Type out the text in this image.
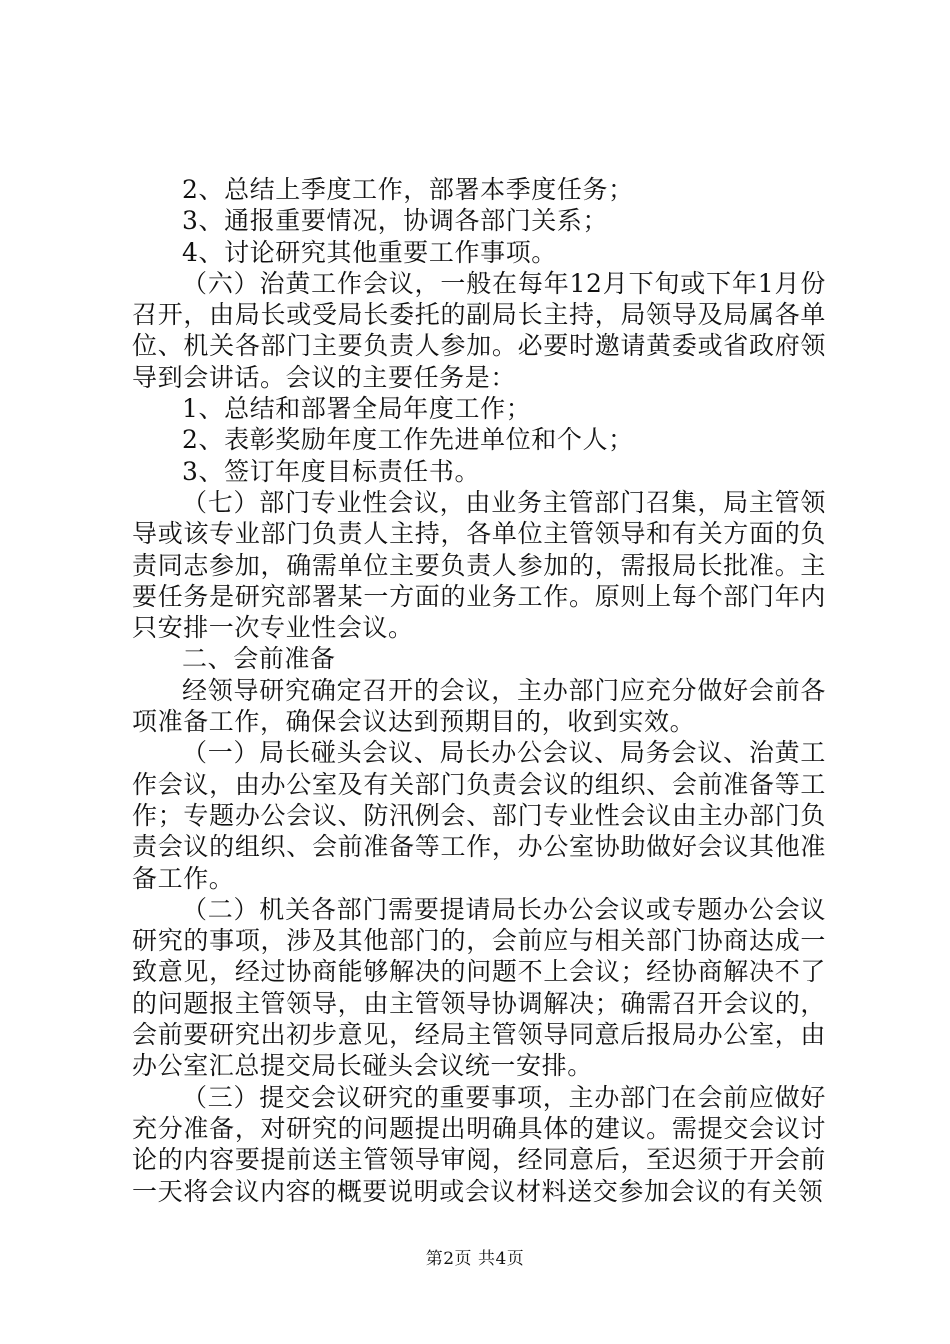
2、总结上季度工作，部署本季度任务；

3、通报重要情况，协调各部门关系；

4、讨论研究其他重要工作事项。

（六）治黄工作会议，一般在每年12月下旬或下年1月份召开，由局长或受局长委托的副局长主持，局领导及局属各单位、机关各部门主要负责人参加。必要时邀请黄委或省政府领导到会讲话。会议的主要任务是：

1、总结和部署全局年度工作；

2、表彰奖励年度工作先进单位和个人；

3、签订年度目标责任书。

（七）部门专业性会议，由业务主管部门召集，局主管领导或该专业部门负责人主持，各单位主管领导和有关方面的负责同志参加，确需单位主要负责人参加的，需报局长批准。主要任务是研究部署某一方面的业务工作。原则上每个部门年内只安排一次专业性会议。

二、会前准备

经领导研究确定召开的会议，主办部门应充分做好会前各项准备工作，确保会议达到预期目的，收到实效。

（一）局长碰头会议、局长办公会议、局务会议、治黄工作会议，由办公室及有关部门负责会议的组织、会前准备等工作；专题办公会议、防汛例会、部门专业性会议由主办部门负责会议的组织、会前准备等工作，办公室协助做好会议其他准备工作。

（二）机关各部门需要提请局长办公会议或专题办公会议研究的事项，涉及其他部门的，会前应与相关部门协商达成一致意见，经过协商能够解决的问题不上会议；经协商解决不了的问题报主管领导，由主管领导协调解决；确需召开会议的，会前要研究出初步意见，经局主管领导同意后报局办公室，由办公室汇总提交局长碰头会议统一安排。

（三）提交会议研究的重要事项，主办部门在会前应做好充分准备，对研究的问题提出明确具体的建议。需提交会议讨论的内容要提前送主管领导审阅，经同意后，至迟须于开会前一天将会议内容的概要说明或会议材料送交参加会议的有关领

第2页 共4页
